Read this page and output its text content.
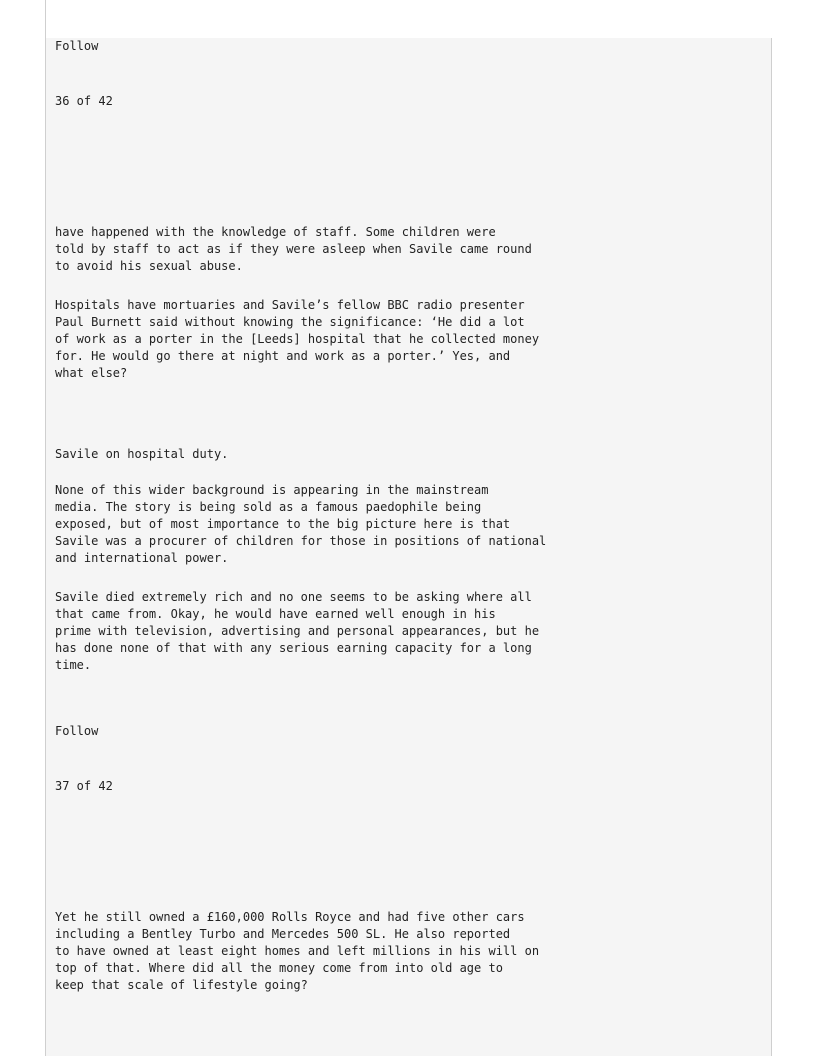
Follow

36 of 42

have happened with the knowledge of staff. Some children were
told by staff to act as if they were asleep when Savile came round
to avoid his sexual abuse.

Hospitals have mortuaries and Savile’s fellow BBC radio presenter
Paul Burnett said without knowing the significance: ‘He did a lot
of work as a porter in the [Leeds] hospital that he collected money
for. He would go there at night and work as a porter.’ Yes, and
what else?

Savile on hospital duty.

None of this wider background is appearing in the mainstream
media. The story is being sold as a famous paedophile being
exposed, but of most importance to the big picture here is that
Savile was a procurer of children for those in positions of national
and international power.

Savile died extremely rich and no one seems to be asking where all
that came from. Okay, he would have earned well enough in his
prime with television, advertising and personal appearances, but he
has done none of that with any serious earning capacity for a long
time.

Follow

37 of 42

Yet he still owned a £160,000 Rolls Royce and had five other cars
including a Bentley Turbo and Mercedes 500 SL. He also reported
to have owned at least eight homes and left millions in his will on
top of that. Where did all the money come from into old age to
keep that scale of lifestyle going?
